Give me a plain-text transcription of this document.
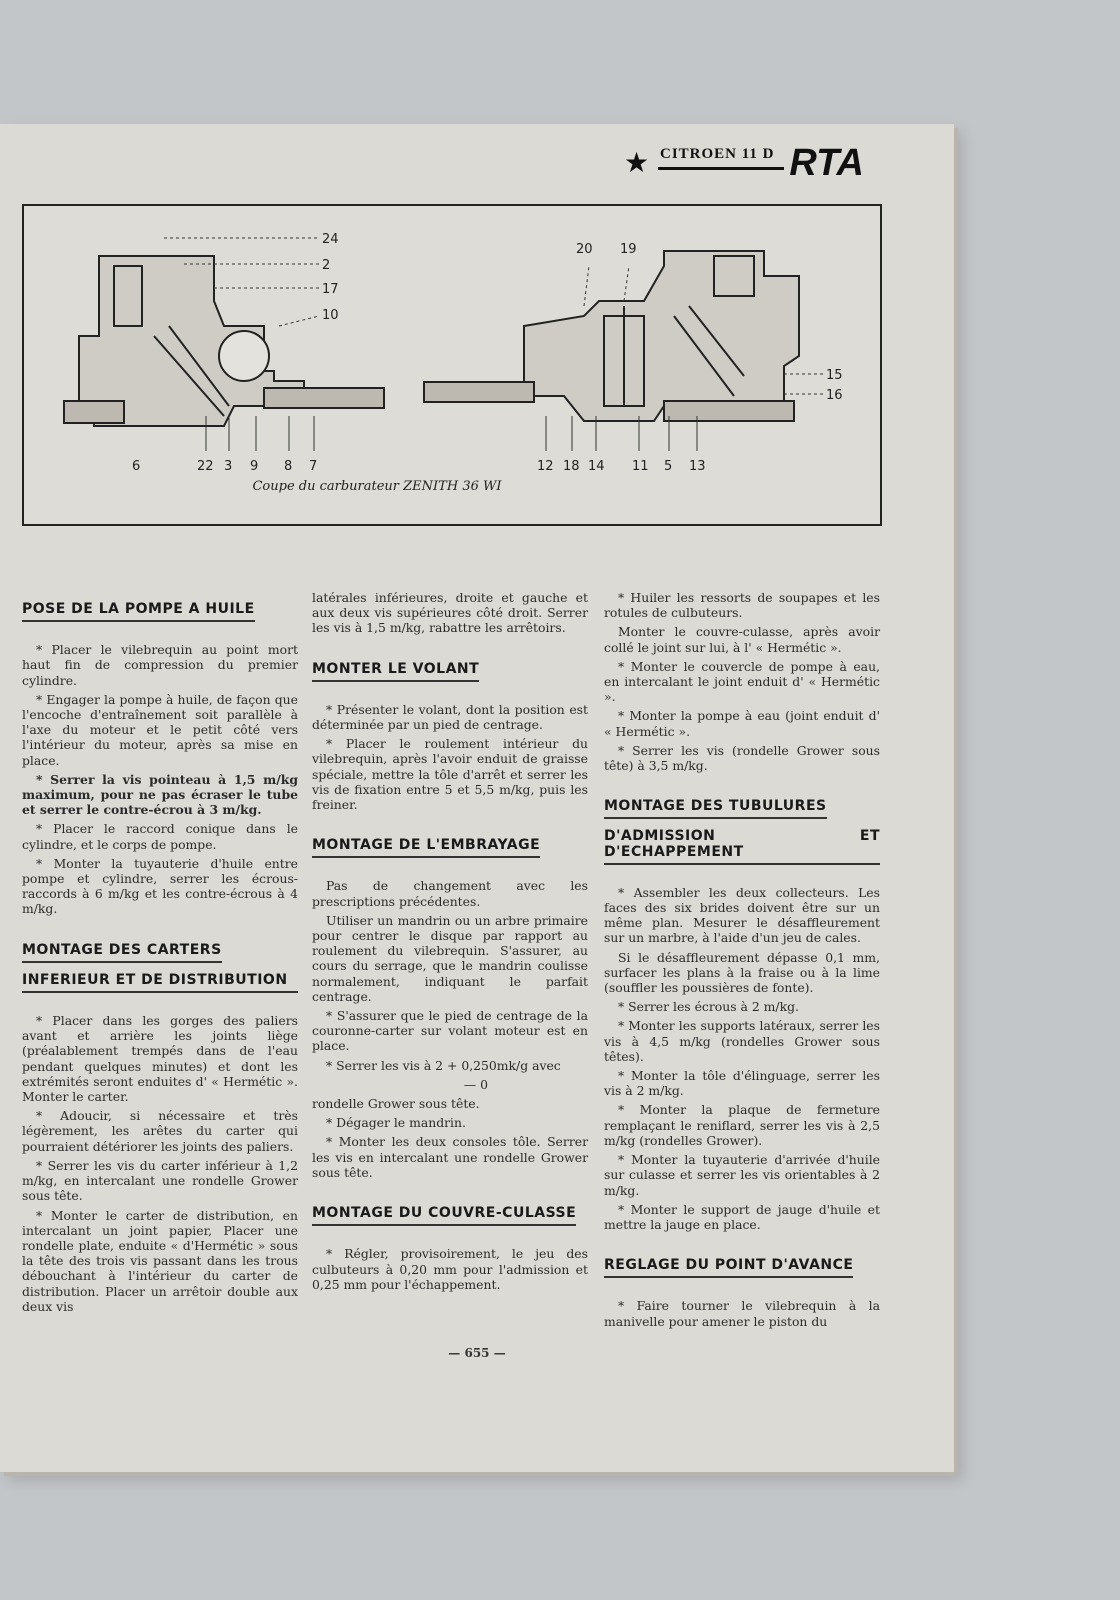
★ CITROEN 11 D RTA
24
2
17
10
6	22 3 9 8 7
20 19
15
16
12 18 14 11 5 13
Coupe du carburateur ZENITH 36 WI
POSE DE LA POMPE A HUILE

* Placer le vilebrequin au point mort haut fin de compression du premier cylindre.

* Engager la pompe à huile, de façon que l'encoche d'entraînement soit parallèle à l'axe du moteur et le petit côté vers l'intérieur du moteur, après sa mise en place.

* Serrer la vis pointeau à 1,5 m/kg maximum, pour ne pas écraser le tube et serrer le contre-écrou à 3 m/kg.

* Placer le raccord conique dans le cylindre, et le corps de pompe.

* Monter la tuyauterie d'huile entre pompe et cylindre, serrer les écrous-raccords à 6 m/kg et les contre-écrous à 4 m/kg.

MONTAGE DES CARTERS
INFERIEUR ET DE DISTRIBUTION

* Placer dans les gorges des paliers avant et arrière les joints liège (préalablement trempés dans de l'eau pendant quelques minutes) et dont les extrémités seront enduites d' « Hermétic ». Monter le carter.

* Adoucir, si nécessaire et très légèrement, les arêtes du carter qui pourraient détériorer les joints des paliers.

* Serrer les vis du carter inférieur à 1,2 m/kg, en intercalant une rondelle Grower sous tête.

* Monter le carter de distribution, en intercalant un joint papier, Placer une rondelle plate, enduite « d'Hermétic » sous la tête des trois vis passant dans les trous débouchant à l'intérieur du carter de distribution. Placer un arrêtoir double aux deux vis

latérales inférieures, droite et gauche et aux deux vis supérieures côté droit. Serrer les vis à 1,5 m/kg, rabattre les arrêtoirs.

MONTER LE VOLANT

* Présenter le volant, dont la position est déterminée par un pied de centrage.

* Placer le roulement intérieur du vilebrequin, après l'avoir enduit de graisse spéciale, mettre la tôle d'arrêt et serrer les vis de fixation entre 5 et 5,5 m/kg, puis les freiner.

MONTAGE DE L'EMBRAYAGE

Pas de changement avec les prescriptions précédentes.

Utiliser un mandrin ou un arbre primaire pour centrer le disque par rapport au roulement du vilebrequin. S'assurer, au cours du serrage, que le mandrin coulisse normalement, indiquant le parfait centrage.

* S'assurer que le pied de centrage de la couronne-carter sur volant moteur est en place.

* Serrer les vis à 2 + 0,250mk/g avec

— 0

rondelle Grower sous tête.

* Dégager le mandrin.

* Monter les deux consoles tôle. Serrer les vis en intercalant une rondelle Grower sous tête.

MONTAGE DU COUVRE-CULASSE

* Régler, provisoirement, le jeu des culbuteurs à 0,20 mm pour l'admission et 0,25 mm pour l'échappement.

* Huiler les ressorts de soupapes et les rotules de culbuteurs.

Monter le couvre-culasse, après avoir collé le joint sur lui, à l' « Hermétic ».

* Monter le couvercle de pompe à eau, en intercalant le joint enduit d' « Hermétic ».

* Monter la pompe à eau (joint enduit d' « Hermétic ».

* Serrer les vis (rondelle Grower sous tête) à 3,5 m/kg.

MONTAGE DES TUBULURES
D'ADMISSION ET D'ECHAPPEMENT

* Assembler les deux collecteurs. Les faces des six brides doivent être sur un même plan. Mesurer le désaffleurement sur un marbre, à l'aide d'un jeu de cales.

Si le désaffleurement dépasse 0,1 mm, surfacer les plans à la fraise ou à la lime (souffler les poussières de fonte).

* Serrer les écrous à 2 m/kg.

* Monter les supports latéraux, serrer les vis à 4,5 m/kg (rondelles Grower sous têtes).

* Monter la tôle d'élinguage, serrer les vis à 2 m/kg.

* Monter la plaque de fermeture remplaçant le reniflard, serrer les vis à 2,5 m/kg (rondelles Grower).

* Monter la tuyauterie d'arrivée d'huile sur culasse et serrer les vis orientables à 2 m/kg.

* Monter le support de jauge d'huile et mettre la jauge en place.

REGLAGE DU POINT D'AVANCE

* Faire tourner le vilebrequin à la manivelle pour amener le piston du

— 655 —
